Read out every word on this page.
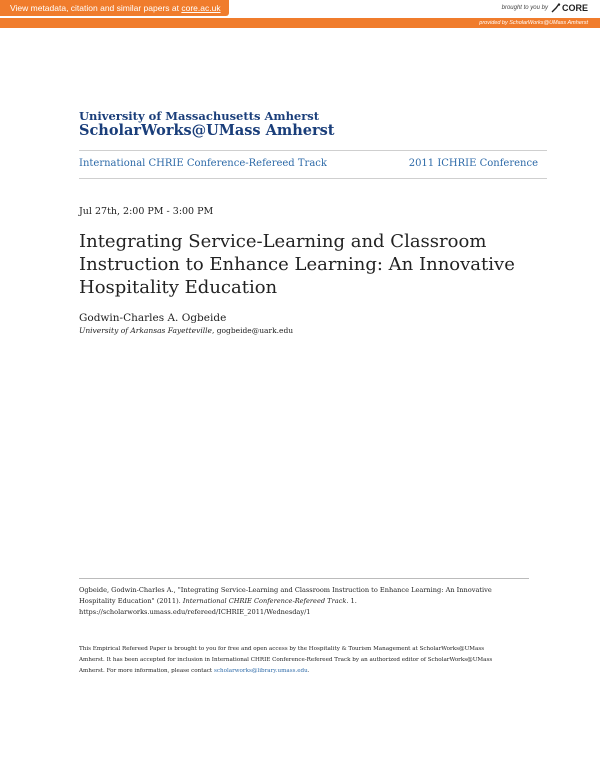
View metadata, citation and similar papers at core.ac.uk	brought to you by CORE
provided by ScholarWorks@UMass Amherst
University of Massachusetts Amherst
ScholarWorks@UMass Amherst
International CHRIE Conference-Refereed Track	2011 ICHRIE Conference
Jul 27th, 2:00 PM - 3:00 PM
Integrating Service-Learning and Classroom
Instruction to Enhance Learning: An Innovative
Hospitality Education
Godwin-Charles A. Ogbeide
University of Arkansas Fayetteville, gogbeide@uark.edu
Ogbeide, Godwin-Charles A., "Integrating Service-Learning and Classroom Instruction to Enhance Learning: An Innovative
Hospitality Education" (2011). International CHRIE Conference-Refereed Track. 1.
https://scholarworks.umass.edu/refereed/ICHRIE_2011/Wednesday/1
This Empirical Refereed Paper is brought to you for free and open access by the Hospitality & Tourism Management at ScholarWorks@UMass
Amherst. It has been accepted for inclusion in International CHRIE Conference-Refereed Track by an authorized editor of ScholarWorks@UMass
Amherst. For more information, please contact scholarworks@library.umass.edu.
